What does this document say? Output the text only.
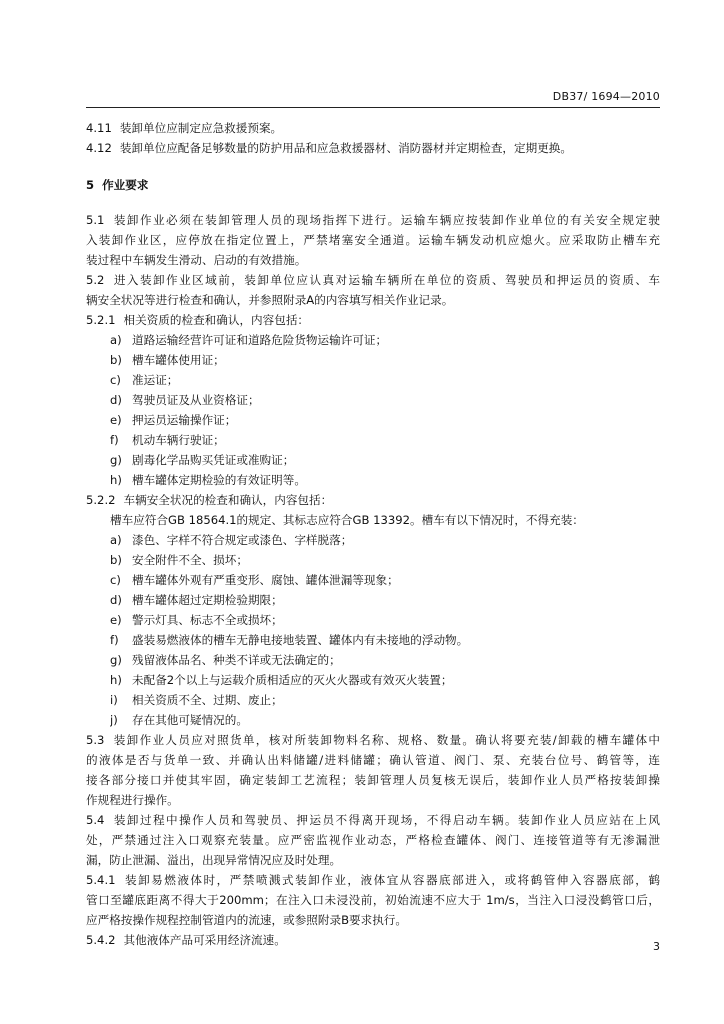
DB37/ 1694—2010
4.11 装卸单位应制定应急救援预案。
4.12 装卸单位应配备足够数量的防护用品和应急救援器材、消防器材并定期检查，定期更换。
5 作业要求
5.1 装卸作业必须在装卸管理人员的现场指挥下进行。运输车辆应按装卸作业单位的有关安全规定驶
入装卸作业区，应停放在指定位置上，严禁堵塞安全通道。运输车辆发动机应熄火。应采取防止槽车充
装过程中车辆发生滑动、启动的有效措施。
5.2 进入装卸作业区域前，装卸单位应认真对运输车辆所在单位的资质、驾驶员和押运员的资质、车
辆安全状况等进行检查和确认，并参照附录A的内容填写相关作业记录。
5.2.1 相关资质的检查和确认，内容包括：
a) 道路运输经营许可证和道路危险货物运输许可证；
b) 槽车罐体使用证；
c) 准运证；
d) 驾驶员证及从业资格证；
e) 押运员运输操作证；
f) 机动车辆行驶证；
g) 剧毒化学品购买凭证或准购证；
h) 槽车罐体定期检验的有效证明等。
5.2.2 车辆安全状况的检查和确认，内容包括：
槽车应符合GB 18564.1的规定、其标志应符合GB 13392。槽车有以下情况时，不得充装：
a) 漆色、字样不符合规定或漆色、字样脱落；
b) 安全附件不全、损坏；
c) 槽车罐体外观有严重变形、腐蚀、罐体泄漏等现象；
d) 槽车罐体超过定期检验期限；
e) 警示灯具、标志不全或损坏；
f) 盛装易燃液体的槽车无静电接地装置、罐体内有未接地的浮动物。
g) 残留液体品名、种类不详或无法确定的；
h) 未配备2个以上与运载介质相适应的灭火火器或有效灭火装置；
i) 相关资质不全、过期、废止；
j) 存在其他可疑情况的。
5.3 装卸作业人员应对照货单，核对所装卸物料名称、规格、数量。确认将要充装/卸载的槽车罐体中
的液体是否与货单一致、并确认出料储罐/进料储罐；确认管道、阀门、泵、充装台位号、鹤管等，连
接各部分接口并使其牢固，确定装卸工艺流程；装卸管理人员复核无误后，装卸作业人员严格按装卸操
作规程进行操作。
5.4 装卸过程中操作人员和驾驶员、押运员不得离开现场，不得启动车辆。装卸作业人员应站在上风
处，严禁通过注入口观察充装量。应严密监视作业动态，严格检查罐体、阀门、连接管道等有无渗漏泄
漏，防止泄漏、溢出，出现异常情况应及时处理。
5.4.1 装卸易燃液体时，严禁喷溅式装卸作业，液体宜从容器底部进入，或将鹤管伸入容器底部，鹤
管口至罐底距离不得大于200mm；在注入口未浸没前，初始流速不应大于 1m/s，当注入口浸没鹤管口后，
应严格按操作规程控制管道内的流速，或参照附录B要求执行。
5.4.2 其他液体产品可采用经济流速。	3
